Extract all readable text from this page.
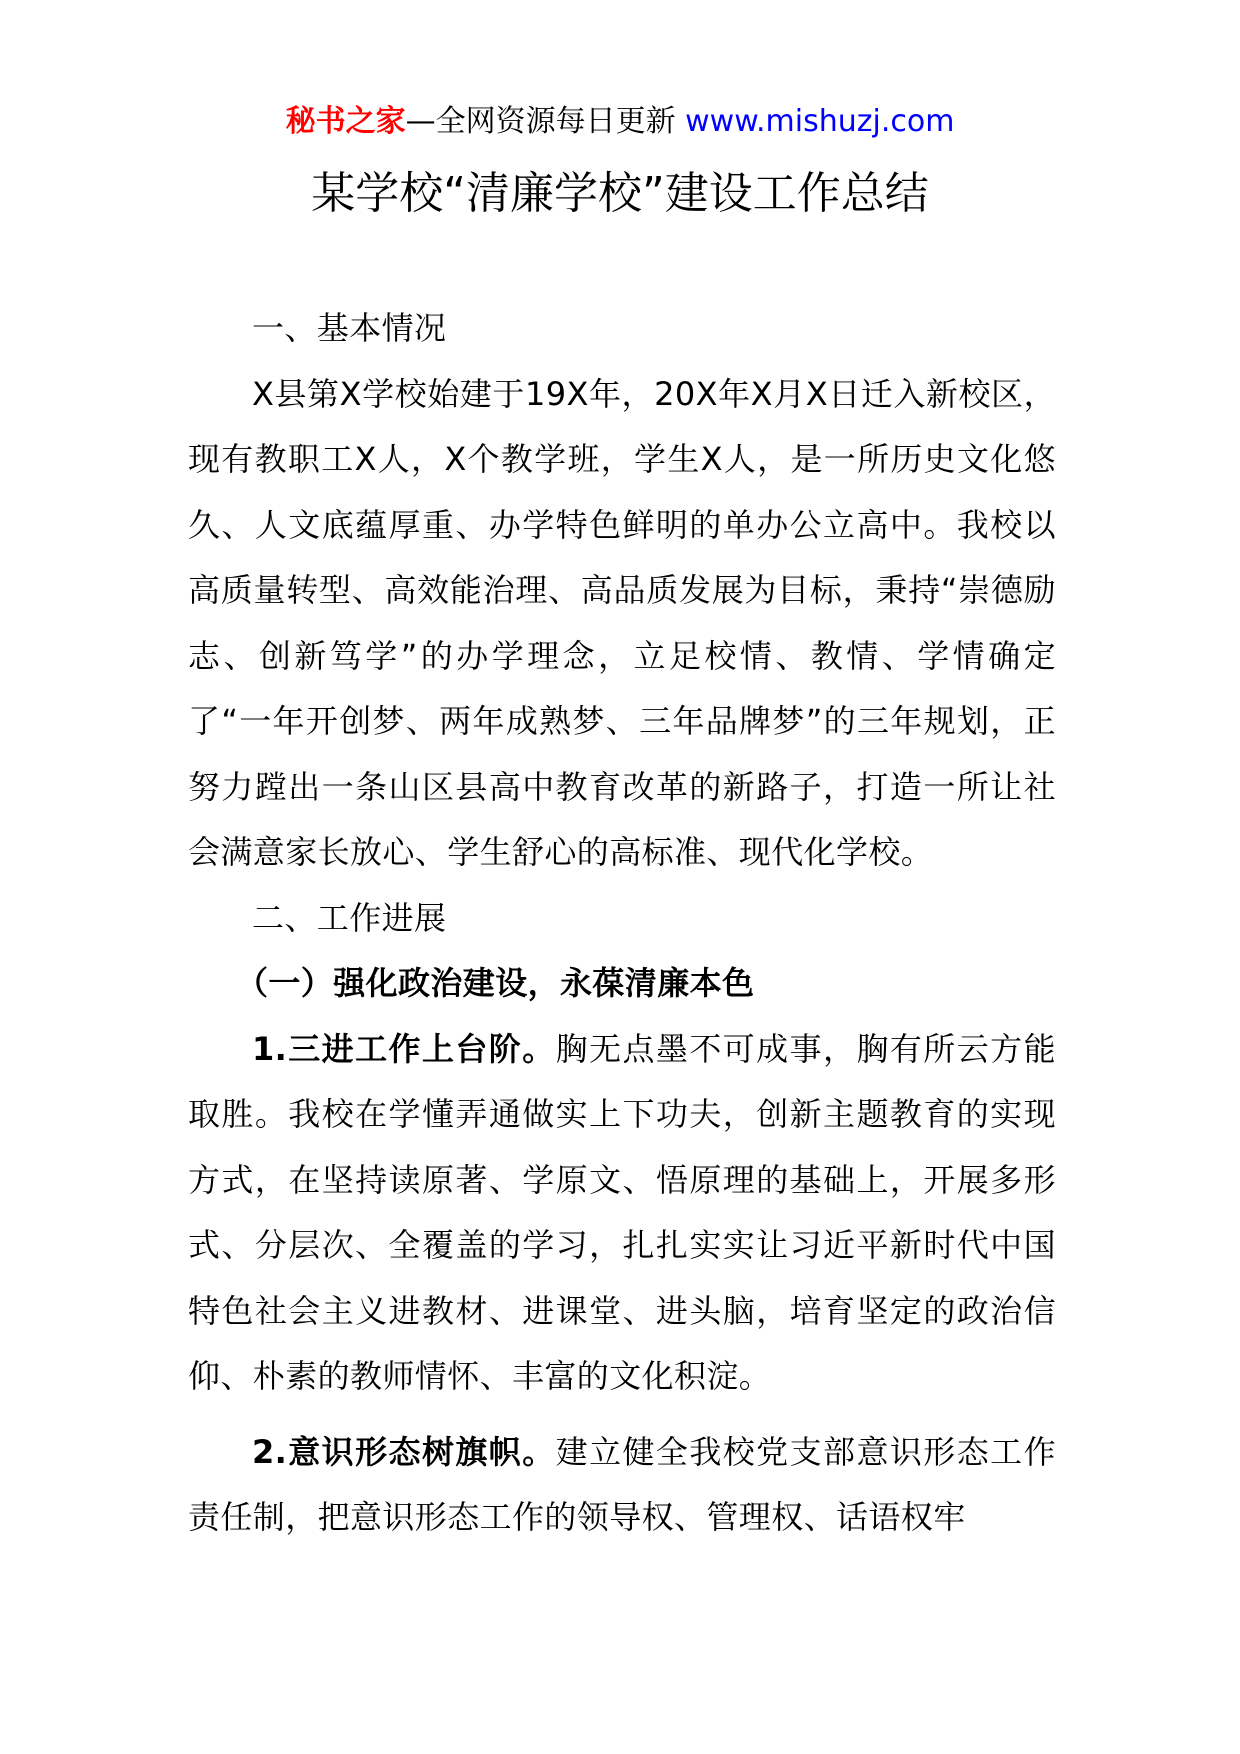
秘书之家—全网资源每日更新 www.mishuzj.com
某学校“清廉学校”建设工作总结

一、基本情况

X县第X学校始建于19X年，20X年X月X日迁入新校区，现有教职工X人，X个教学班，学生X人，是一所历史文化悠久、人文底蕴厚重、办学特色鲜明的单办公立高中。我校以高质量转型、高效能治理、高品质发展为目标，秉持“崇德励志、创新笃学”的办学理念，立足校情、教情、学情确定了“一年开创梦、两年成熟梦、三年品牌梦”的三年规划，正努力蹚出一条山区县高中教育改革的新路子，打造一所让社会满意家长放心、学生舒心的高标准、现代化学校。

二、工作进展

（一）强化政治建设，永葆清廉本色

1.三进工作上台阶。胸无点墨不可成事，胸有所云方能取胜。我校在学懂弄通做实上下功夫，创新主题教育的实现方式，在坚持读原著、学原文、悟原理的基础上，开展多形式、分层次、全覆盖的学习，扎扎实实让习近平新时代中国特色社会主义进教材、进课堂、进头脑，培育坚定的政治信仰、朴素的教师情怀、丰富的文化积淀。

2.意识形态树旗帜。建立健全我校党支部意识形态工作责任制，把意识形态工作的领导权、管理权、话语权牢
